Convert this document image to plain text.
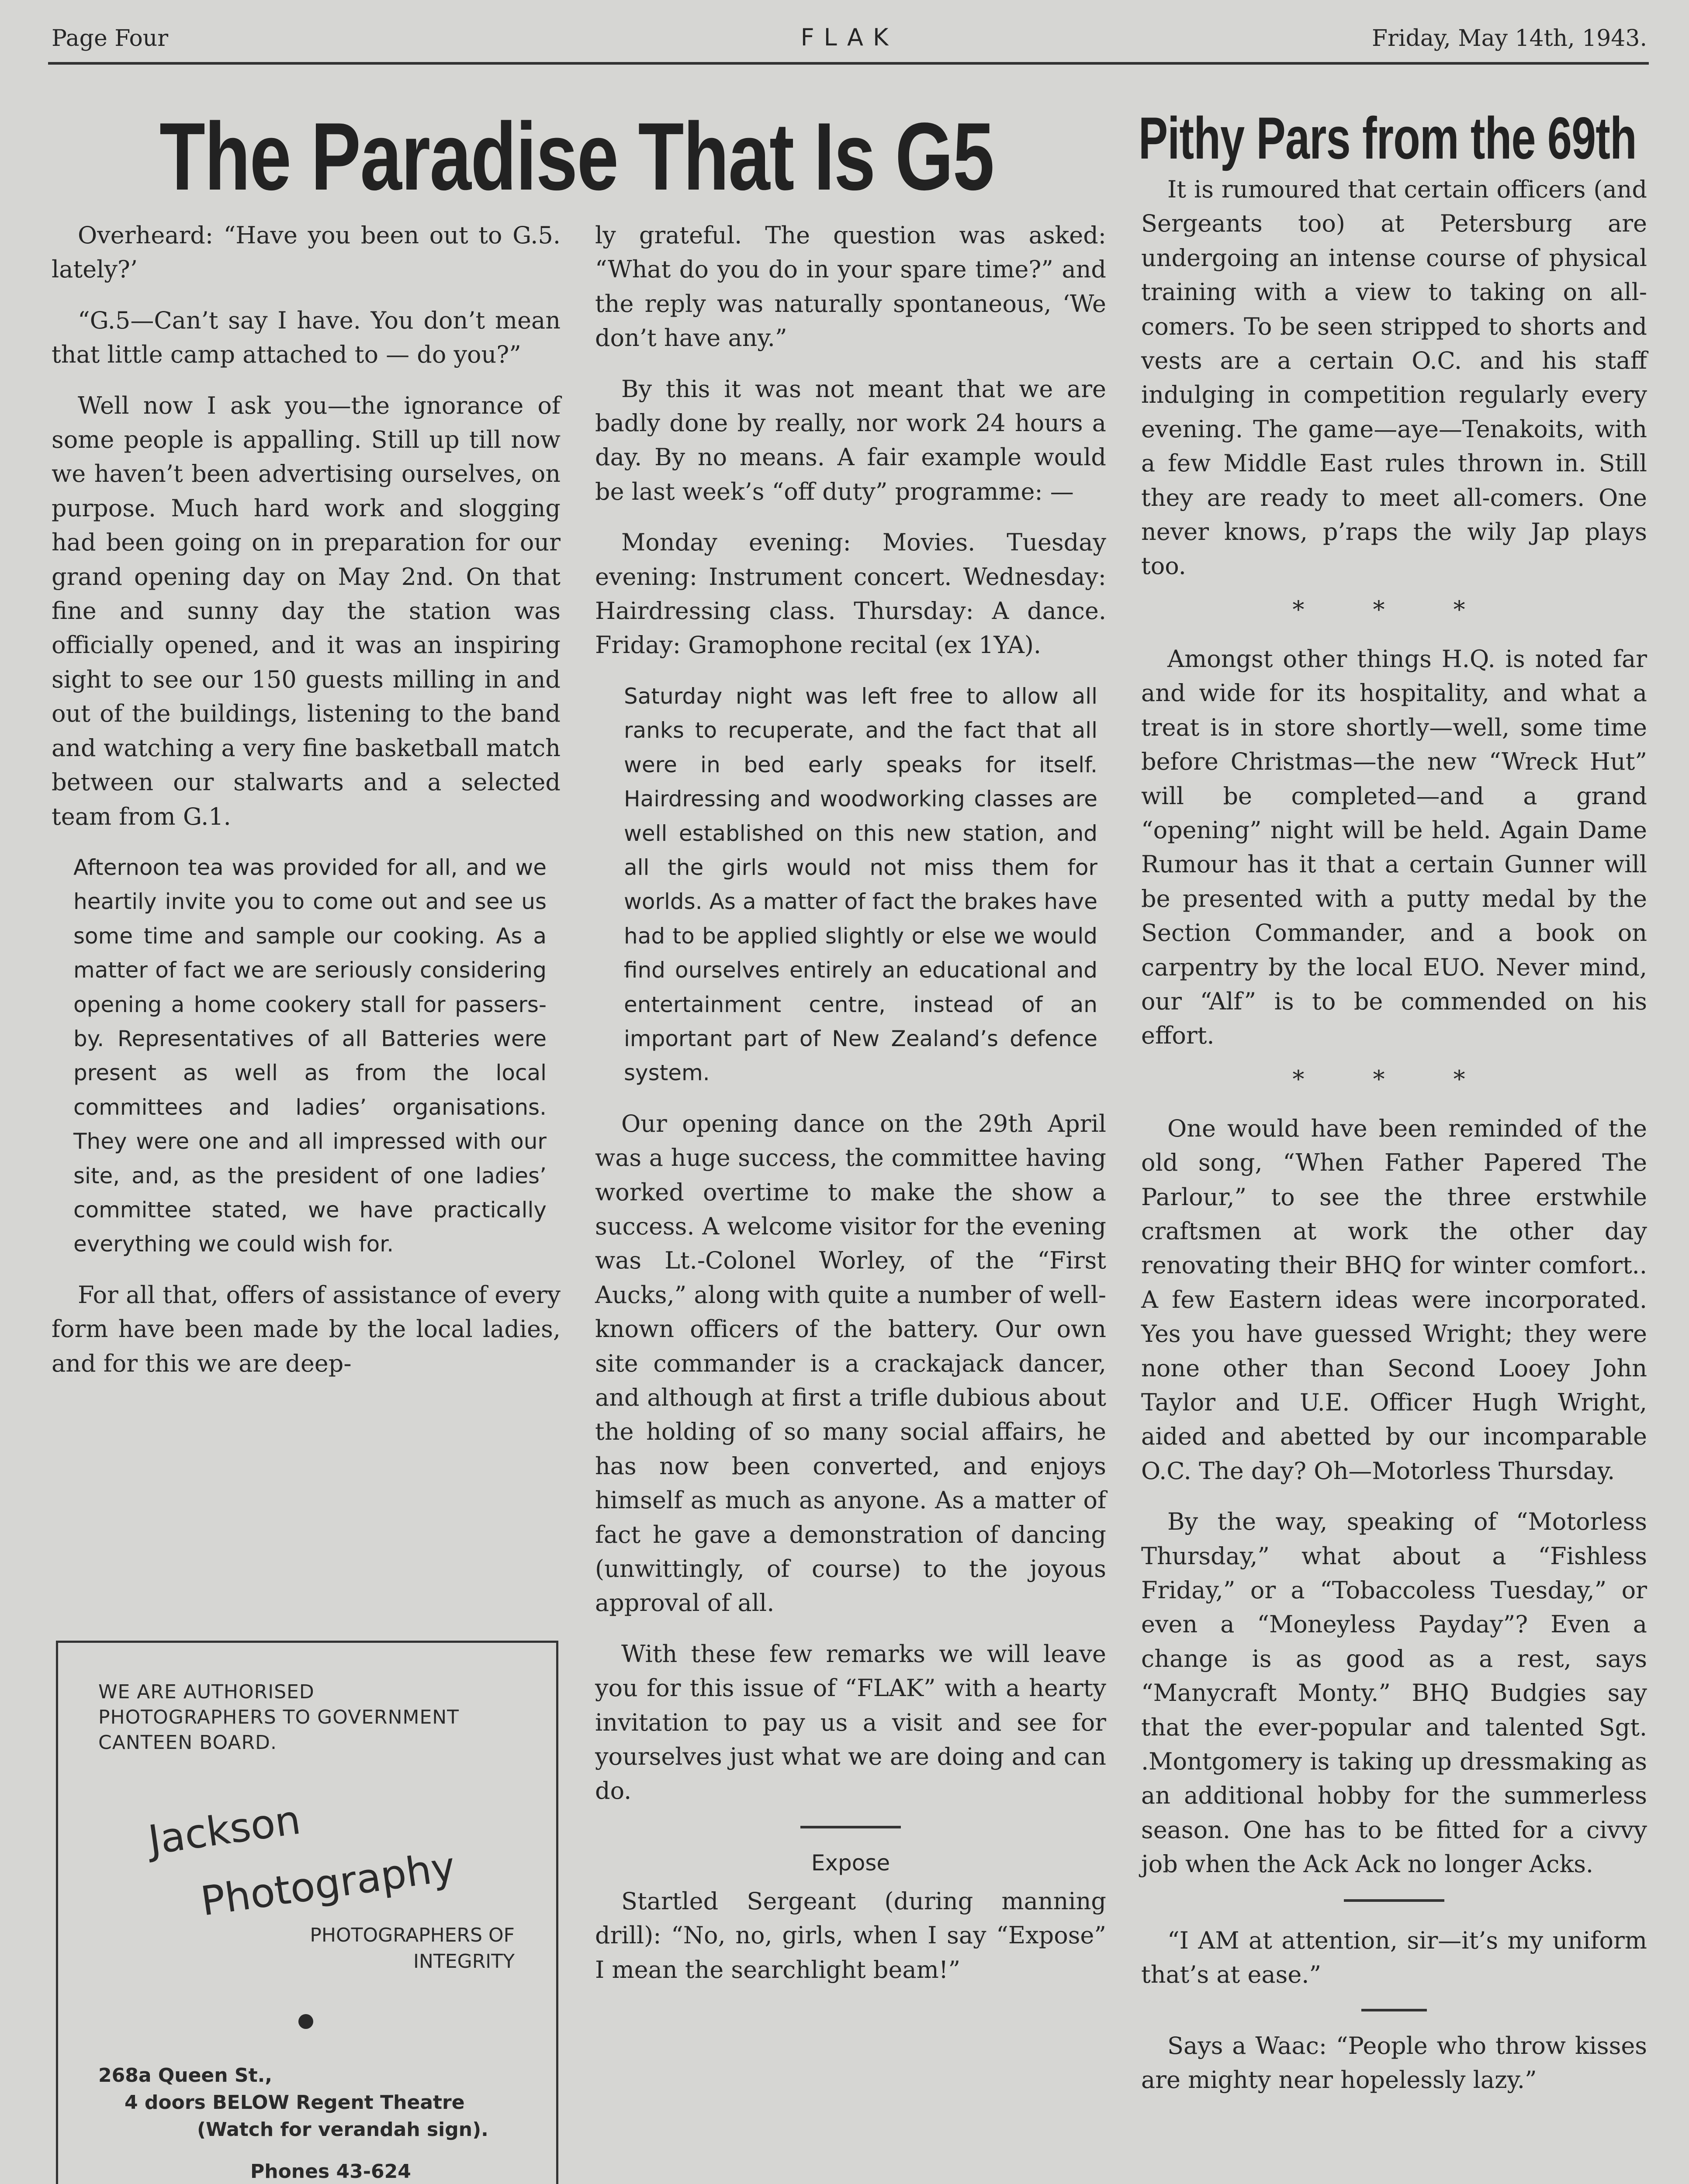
Page Four	FLAK	Friday, May 14th, 1943.
The Paradise That Is G5 Pithy Pars from the 69th

Overheard: “Have you been out to G.5. lately?’

“G.5—Can’t say I have. You don’t mean that little camp attached to — do you?”

Well now I ask you—the ignorance of some people is appalling. Still up till now we haven’t been advertising ourselves, on purpose. Much hard work and slogging had been going on in preparation for our grand opening day on May 2nd. On that fine and sunny day the station was officially opened, and it was an inspiring sight to see our 150 guests milling in and out of the buildings, listening to the band and watching a very fine basketball match between our stalwarts and a selected team from G.1.

Afternoon tea was provided for all, and we heartily invite you to come out and see us some time and sample our cooking. As a matter of fact we are seriously considering opening a home cookery stall for passers-by. Representatives of all Batteries were present as well as from the local committees and ladies’ organisations. They were one and all impressed with our site, and, as the president of one ladies’ committee stated, we have practically everything we could wish for.

For all that, offers of assistance of every form have been made by the local ladies, and for this we are deep-

WE ARE AUTHORISED
PHOTOGRAPHERS TO GOVERNMENT
CANTEEN BOARD.
Jackson
Photography
PHOTOGRAPHERS OF
INTEGRITY
268a Queen St.,
4 doors BELOW Regent Theatre
(Watch for verandah sign).
Phones 43-624

ly grateful. The question was asked: “What do you do in your spare time?” and the reply was naturally spontaneous, ‘We don’t have any.”

By this it was not meant that we are badly done by really, nor work 24 hours a day. By no means. A fair example would be last week’s “off duty” programme: —

Monday evening: Movies. Tuesday evening: Instrument concert. Wednesday: Hairdressing class. Thursday: A dance. Friday: Gramophone recital (ex 1YA).

Saturday night was left free to allow all ranks to recuperate, and the fact that all were in bed early speaks for itself. Hairdressing and woodworking classes are well established on this new station, and all the girls would not miss them for worlds. As a matter of fact the brakes have had to be applied slightly or else we would find ourselves entirely an educational and entertainment centre, instead of an important part of New Zealand’s defence system.

Our opening dance on the 29th April was a huge success, the committee having worked overtime to make the show a success. A welcome visitor for the evening was Lt.-Colonel Worley, of the “First Aucks,” along with quite a number of well-known officers of the battery. Our own site commander is a crackajack dancer, and although at first a trifle dubious about the holding of so many social affairs, he has now been converted, and enjoys himself as much as anyone. As a matter of fact he gave a demonstration of dancing (unwittingly, of course) to the joyous approval of all.

With these few remarks we will leave you for this issue of “FLAK” with a hearty invitation to pay us a visit and see for yourselves just what we are doing and can do.

Expose

Startled Sergeant (during manning drill): “No, no, girls, when I say “Expose” I mean the searchlight beam!”

It is rumoured that certain officers (and Sergeants too) at Petersburg are undergoing an intense course of physical training with a view to taking on all-comers. To be seen stripped to shorts and vests are a certain O.C. and his staff indulging in competition regularly every evening. The game—aye—Tenakoits, with a few Middle East rules thrown in. Still they are ready to meet all-comers. One never knows, p’raps the wily Jap plays too.

* * *

Amongst other things H.Q. is noted far and wide for its hospitality, and what a treat is in store shortly—well, some time before Christmas—the new “Wreck Hut” will be completed—and a grand “opening” night will be held. Again Dame Rumour has it that a certain Gunner will be presented with a putty medal by the Section Commander, and a book on carpentry by the local EUO. Never mind, our “Alf” is to be commended on his effort.

* * *

One would have been reminded of the old song, “When Father Papered The Parlour,” to see the three erstwhile craftsmen at work the other day renovating their BHQ for winter comfort.. A few Eastern ideas were incorporated. Yes you have guessed Wright; they were none other than Second Looey John Taylor and U.E. Officer Hugh Wright, aided and abetted by our incomparable O.C. The day? Oh—Motorless Thursday.

By the way, speaking of “Motorless Thursday,” what about a “Fishless Friday,” or a “Tobaccoless Tuesday,” or even a “Moneyless Payday”? Even a change is as good as a rest, says “Manycraft Monty.” BHQ Budgies say that the ever-popular and talented Sgt. .Montgomery is taking up dressmaking as an additional hobby for the summerless season. One has to be fitted for a civvy job when the Ack Ack no longer Acks.

“I AM at attention, sir—it’s my uniform that’s at ease.”

Says a Waac: “People who throw kisses are mighty near hopelessly lazy.”
